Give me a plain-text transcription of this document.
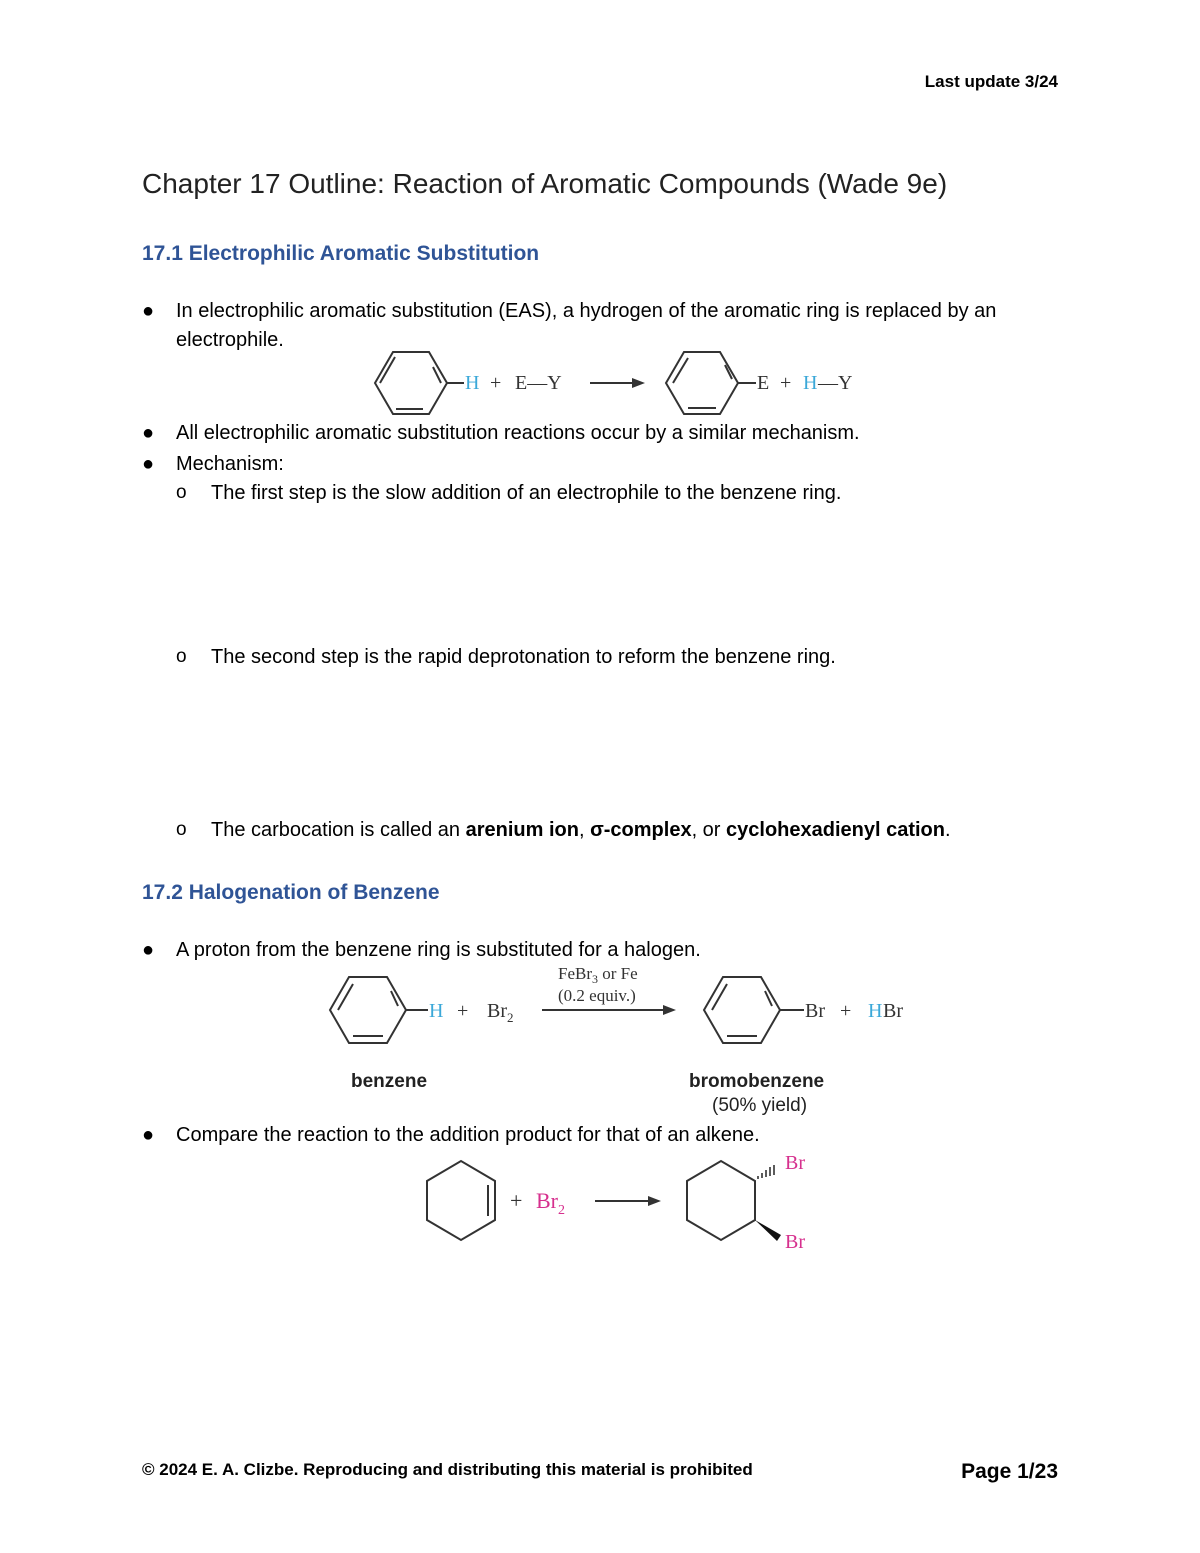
Last update 3/24
Chapter 17 Outline: Reaction of Aromatic Compounds (Wade 9e)
17.1 Electrophilic Aromatic Substitution
●	In electrophilic aromatic substitution (EAS), a hydrogen of the aromatic ring is replaced by an electrophile.
H + E—Y	E + H —Y
●	All electrophilic aromatic substitution reactions occur by a similar mechanism.
●	Mechanism:
o The first step is the slow addition of an electrophile to the benzene ring.
o The second step is the rapid deprotonation to reform the benzene ring.
o The carbocation is called an arenium ion, σ-complex, or cyclohexadienyl cation.
17.2 Halogenation of Benzene
●	A proton from the benzene ring is substituted for a halogen.
$H + Br_2$
FeBr$_3$ or Fe
(0.2 equiv.)
Br + H Br
benzene	bromobenzene
(50% yield)
●	Compare the reaction to the addition product for that of an alkene.
+ $Br_2$
Br
Br
© 2024 E. A. Clizbe. Reproducing and distributing this material is prohibited	Page 1/23
